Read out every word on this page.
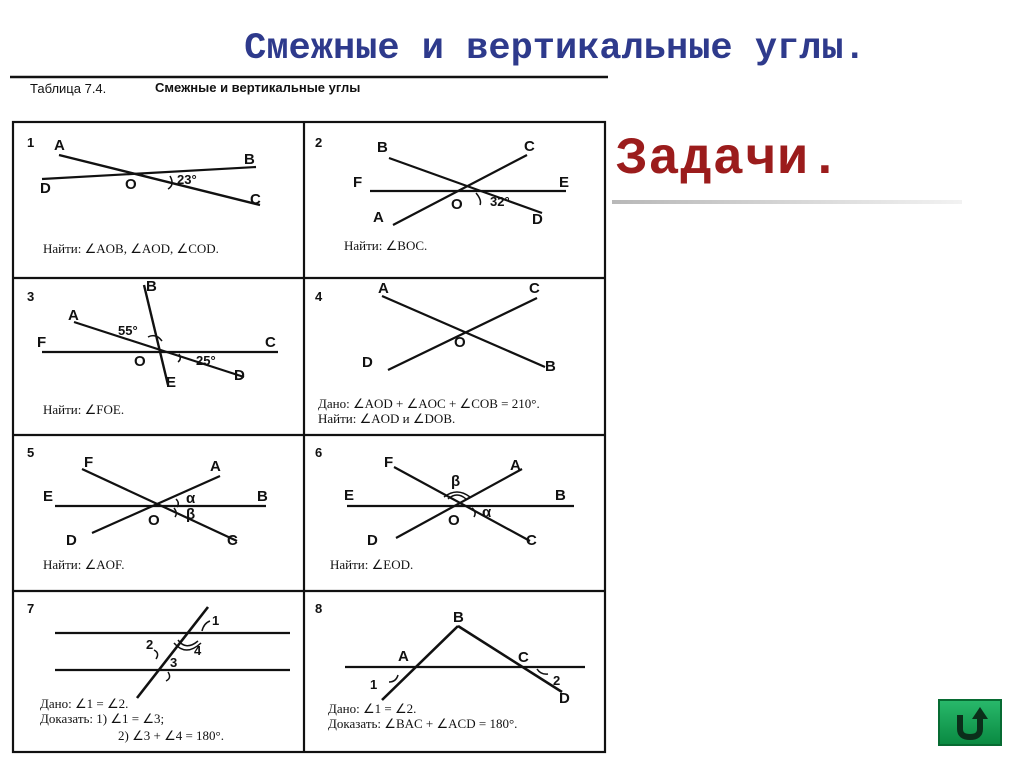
Смежные и вертикальные углы.
Задачи.
Таблица 7.4.	Смежные и вертикальные углы
1 A
B
C
D	O	23°
Найти: ∠AOB, ∠AOD, ∠COD.
2	B	C
F	E
A	D
O 32°
Найти: ∠BOC.
3
B
A
F	C
O
E	D
55°
25°
Найти: ∠FOE.
4	A	C
D	B
O
Дано: ∠AOD + ∠AOC + ∠COB = 210°.
Найти: ∠AOD и ∠DOB.
5
F	A
E	B
D	C
O
α
β
Найти: ∠AOF.
6
F	A
E	B
D	C
O
β
α
Найти: ∠EOD.
7
1
2
3
4
Дано: ∠1 = ∠2.
Доказать: 1) ∠1 = ∠3;
2) ∠3 + ∠4 = 180°.
8
B
A	C
D
1	2
Дано: ∠1 = ∠2.
Доказать: ∠BAC + ∠ACD = 180°.
